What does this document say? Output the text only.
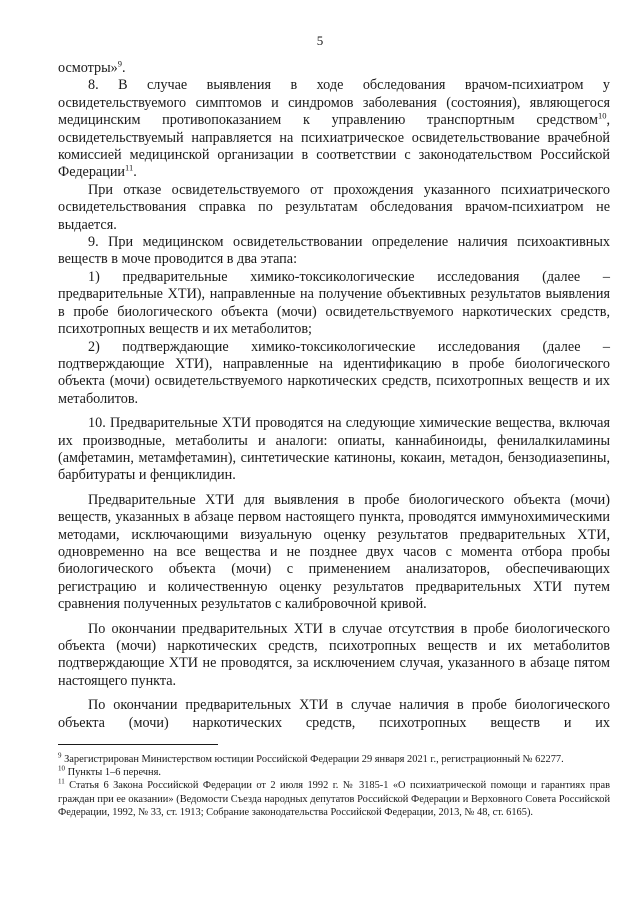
5

осмотры»$^9$.

8. В случае выявления в ходе обследования врачом-психиатром у освидетельствуемого симптомов и синдромов заболевания (состояния), являющегося медицинским противопоказанием к управлению транспортным средством$^{10}$, освидетельствуемый направляется на психиатрическое освидетельствование врачебной комиссией медицинской организации в соответствии с законодательством Российской Федерации$^{11}$.

При отказе освидетельствуемого от прохождения указанного психиатрического освидетельствования справка по результатам обследования врачом-психиатром не выдается.

9. При медицинском освидетельствовании определение наличия психоактивных веществ в моче проводится в два этапа:

1) предварительные химико-токсикологические исследования (далее – предварительные ХТИ), направленные на получение объективных результатов выявления в пробе биологического объекта (мочи) освидетельствуемого наркотических средств, психотропных веществ и их метаболитов;

2) подтверждающие химико-токсикологические исследования (далее – подтверждающие ХТИ), направленные на идентификацию в пробе биологического объекта (мочи) освидетельствуемого наркотических средств, психотропных веществ и их метаболитов.

10. Предварительные ХТИ проводятся на следующие химические вещества, включая их производные, метаболиты и аналоги: опиаты, каннабиноиды, фенилалкиламины (амфетамин, метамфетамин), синтетические катиноны, кокаин, метадон, бензодиазепины, барбитураты и фенциклидин.

Предварительные ХТИ для выявления в пробе биологического объекта (мочи) веществ, указанных в абзаце первом настоящего пункта, проводятся иммунохимическими методами, исключающими визуальную оценку результатов предварительных ХТИ, одновременно на все вещества и не позднее двух часов с момента отбора пробы биологического объекта (мочи) с применением анализаторов, обеспечивающих регистрацию и количественную оценку результатов предварительных ХТИ путем сравнения полученных результатов с калибровочной кривой.

По окончании предварительных ХТИ в случае отсутствия в пробе биологического объекта (мочи) наркотических средств, психотропных веществ и их метаболитов подтверждающие ХТИ не проводятся, за исключением случая, указанного в абзаце пятом настоящего пункта.

По окончании предварительных ХТИ в случае наличия в пробе биологического объекта (мочи) наркотических средств, психотропных веществ и их

$^9$ Зарегистрирован Министерством юстиции Российской Федерации 29 января 2021 г., регистрационный № 62277.

$^{10}$ Пункты 1–6 перечня.

$^{11}$ Статья 6 Закона Российской Федерации от 2 июля 1992 г. № 3185-1 «О психиатрической помощи и гарантиях прав граждан при ее оказании» (Ведомости Съезда народных депутатов Российской Федерации и Верховного Совета Российской Федерации, 1992, № 33, ст. 1913; Собрание законодательства Российской Федерации, 2013, № 48, ст. 6165).
